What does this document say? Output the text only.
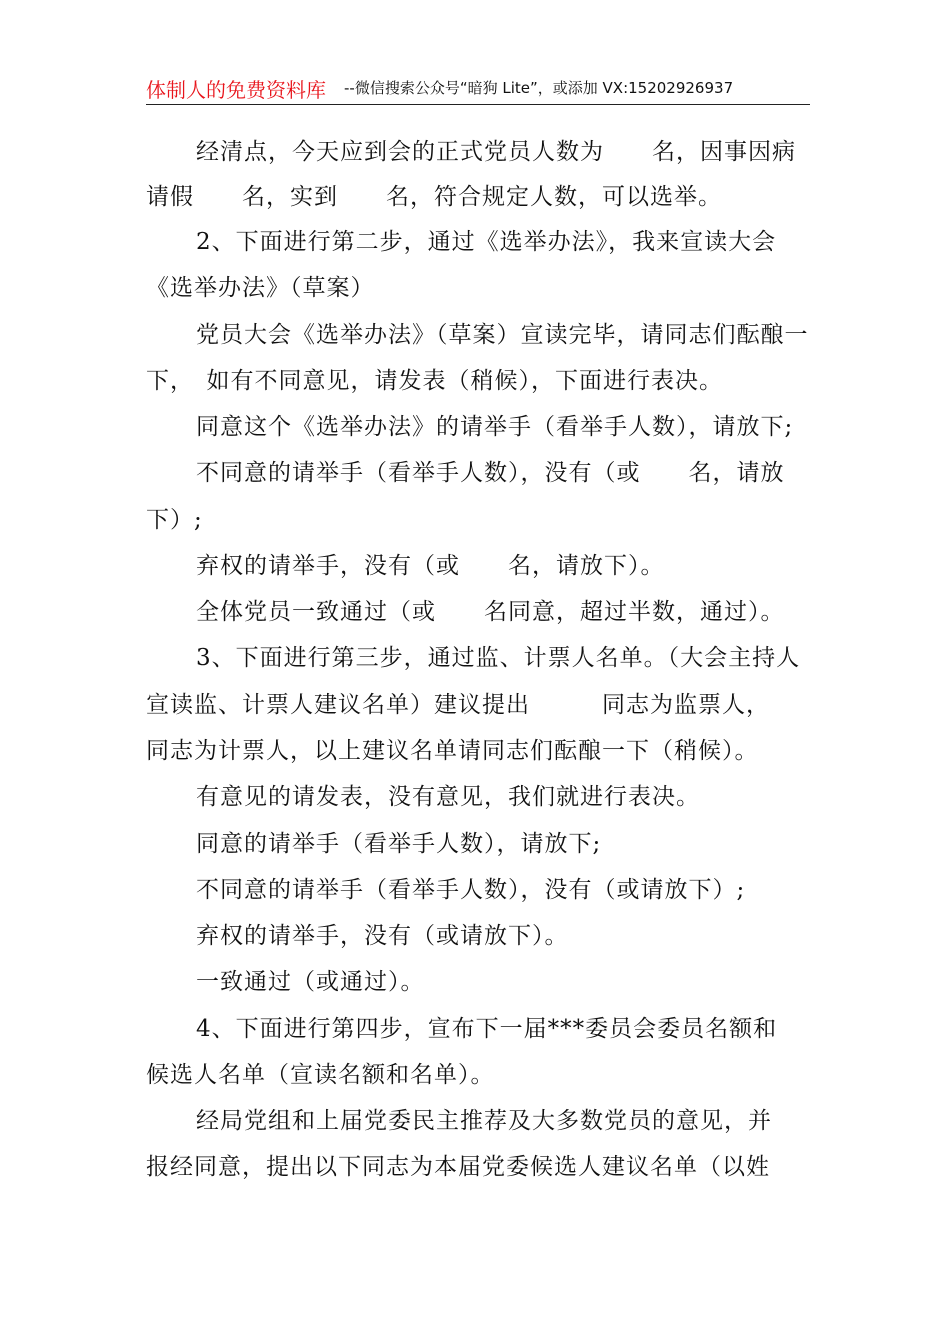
体制人的免费资料库 --微信搜索公众号“暗狗 Lite”，或添加 VX:15202926937
经清点，今天应到会的正式党员人数为　　名，因事因病
请假　　名，实到　　名，符合规定人数，可以选举。
2、下面进行第二步，通过《选举办法》，我来宣读大会
《选举办法》（草案）
党员大会《选举办法》（草案）宣读完毕，请同志们酝酿一
下，　如有不同意见，请发表（稍候），下面进行表决。
同意这个《选举办法》的请举手（看举手人数），请放下;
不同意的请举手（看举手人数），没有（或　　名，请放
下）;
弃权的请举手，没有（或　　名，请放下）。
全体党员一致通过（或　　名同意，超过半数，通过）。
3、下面进行第三步，通过监、计票人名单。（大会主持人
宣读监、计票人建议名单）建议提出　　　同志为监票人，
同志为计票人，以上建议名单请同志们酝酿一下（稍候）。
有意见的请发表，没有意见，我们就进行表决。
同意的请举手（看举手人数），请放下;
不同意的请举手（看举手人数），没有（或请放下）;
弃权的请举手，没有（或请放下）。
一致通过（或通过）。
4、下面进行第四步，宣布下一届***委员会委员名额和
候选人名单（宣读名额和名单）。
经局党组和上届党委民主推荐及大多数党员的意见，并
报经同意，提出以下同志为本届党委候选人建议名单（以姓
